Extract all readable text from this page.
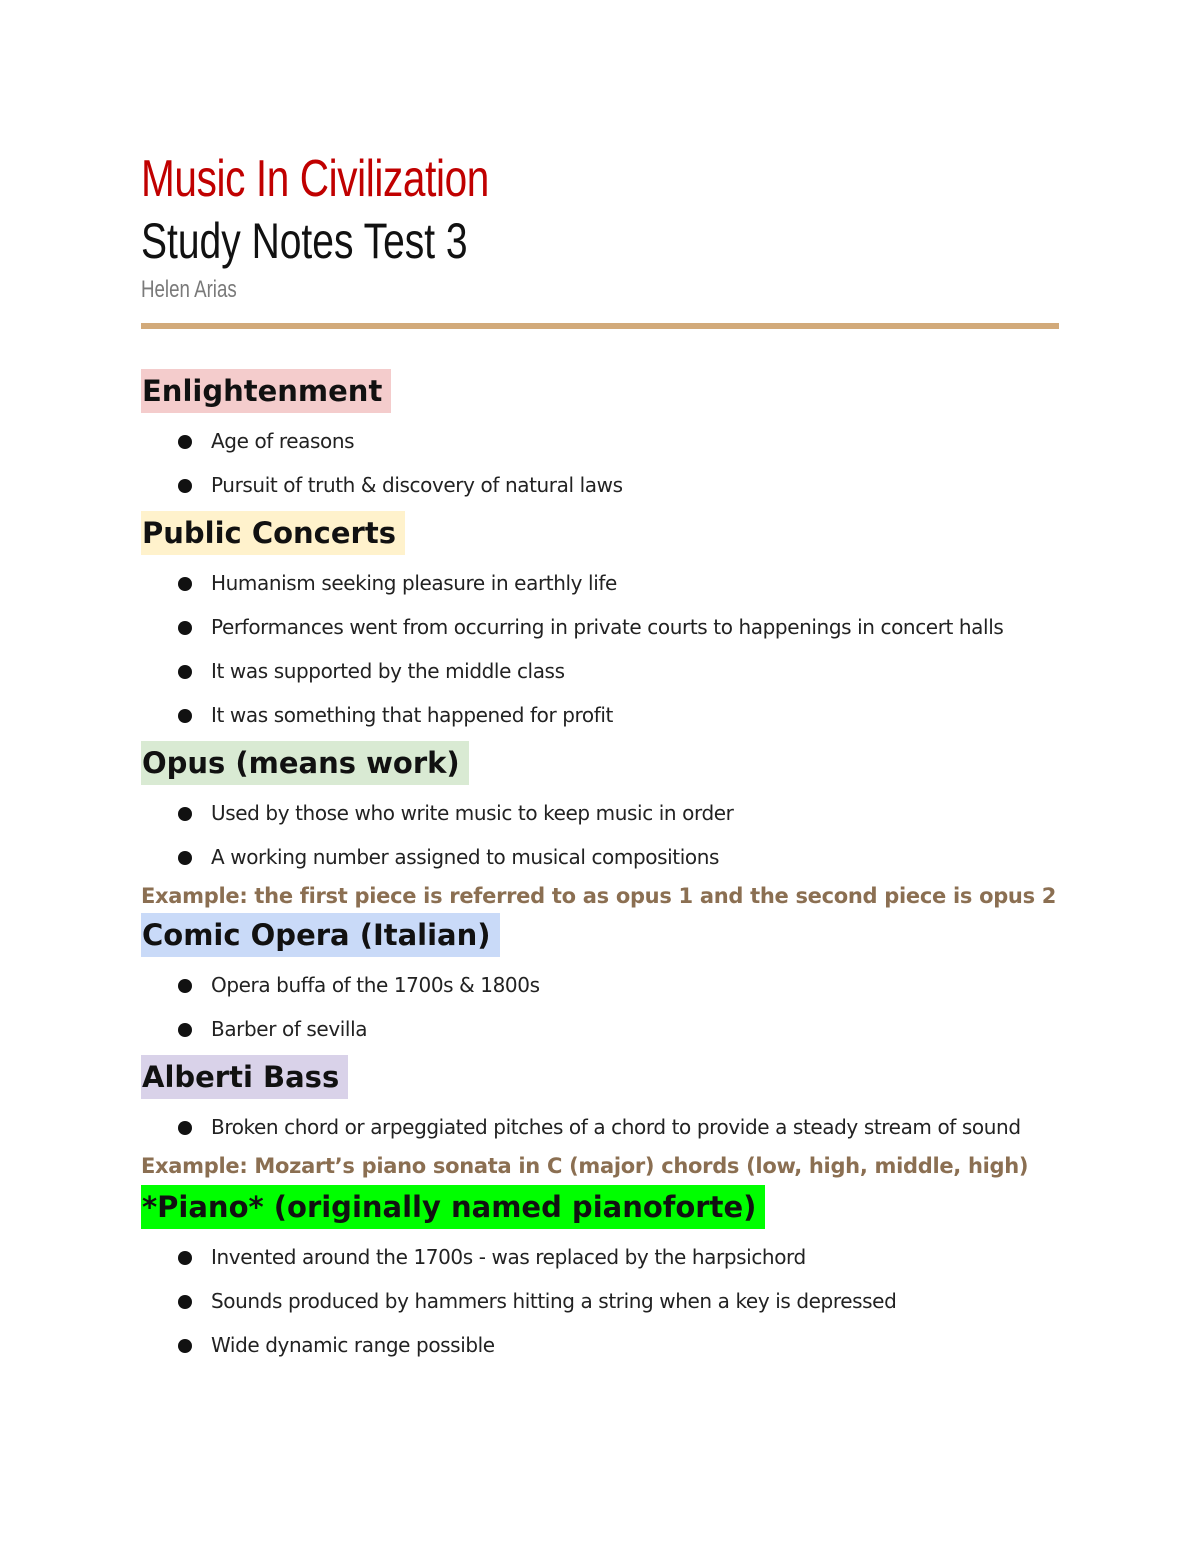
Music In Civilization
Study Notes Test 3
Helen Arias
Enlightenment
Age of reasons
Pursuit of truth & discovery of natural laws
Public Concerts
Humanism seeking pleasure in earthly life
Performances went from occurring in private courts to happenings in concert halls
It was supported by the middle class
It was something that happened for profit
Opus (means work)
Used by those who write music to keep music in order
A working number assigned to musical compositions
Example: the first piece is referred to as opus 1 and the second piece is opus 2
Comic Opera (Italian)
Opera buffa of the 1700s & 1800s
Barber of sevilla
Alberti Bass
Broken chord or arpeggiated pitches of a chord to provide a steady stream of sound
Example: Mozart’s piano sonata in C (major) chords (low, high, middle, high)
*Piano* (originally named pianoforte)
Invented around the 1700s - was replaced by the harpsichord
Sounds produced by hammers hitting a string when a key is depressed
Wide dynamic range possible
